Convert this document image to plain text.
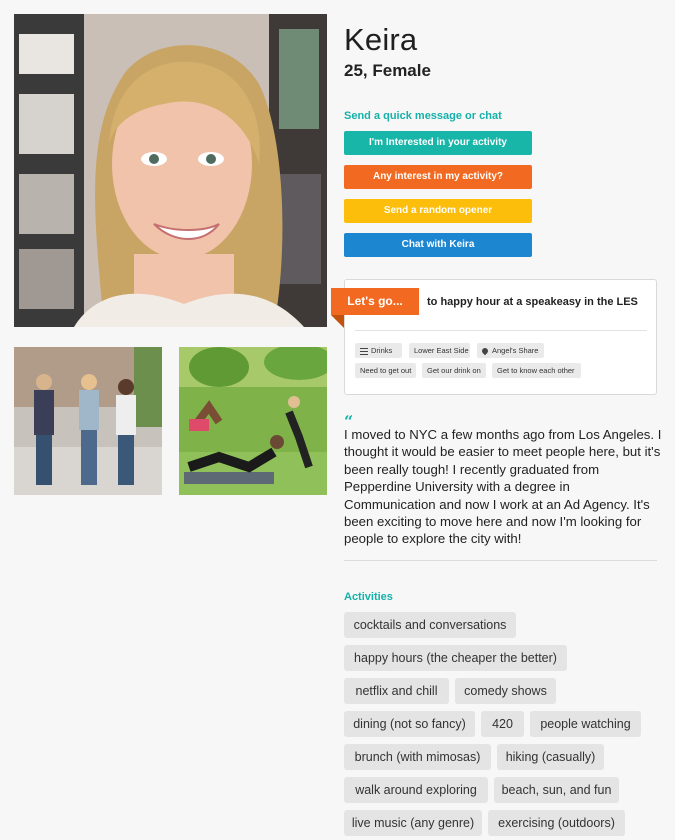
Keira
25, Female
Send a quick message or chat
I'm Interested in your activity
Any interest in my activity?
Send a random opener
Chat with Keira
Let's go...	to happy hour at a speakeasy in the LES
Drinks	Lower East Side	Angel's Share
Need to get out	Get our drink on	Get to know each other
“
I moved to NYC a few months ago from Los Angeles. I thought it would be easier to meet people here, but it's been really tough! I recently graduated from Pepperdine University with a degree in Communication and now I work at an Ad Agency. It's been exciting to move here and now I'm looking for people to explore the city with!
Activities
cocktails and conversations
happy hours (the cheaper the better)
netflix and chill	comedy shows
dining (not so fancy)	420	people watching
brunch (with mimosas)	hiking (casually)
walk around exploring	beach, sun, and fun
live music (any genre)	exercising (outdoors)
